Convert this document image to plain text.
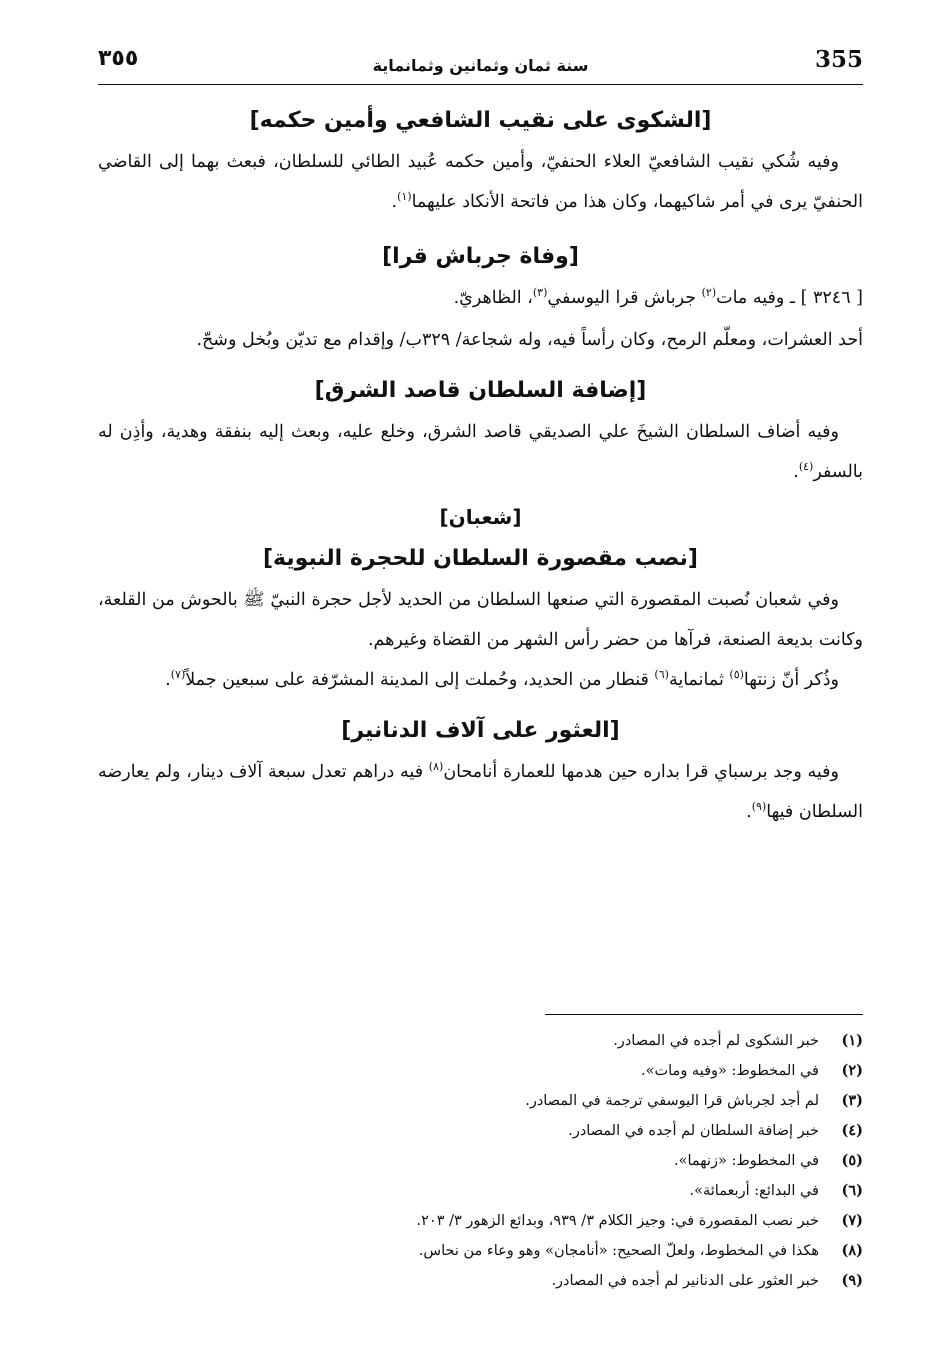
٣٥٥	سنة ثمان وثمانين وثمانماية	355
[الشكوى على نقيب الشافعي وأمين حكمه]

وفيه شُكي نقيب الشافعيّ العلاء الحنفيّ، وأمين حكمه عُبيد الطائي للسلطان، فبعث بهما إلى القاضي الحنفيّ يرى في أمر شاكيهما، وكان هذا من فاتحة الأنكاد عليهما$^{(١)}$.

[وفاة جرباش قرا]

[ ٣٢٤٦ ] ـ وفيه مات$^{(٢)}$ جرباش قرا اليوسفي$^{(٣)}$، الظاهريّ.

أحد العشرات، ومعلّم الرمح، وكان رأساً فيه، وله شجاعة/ ٣٢٩ب/ وإقدام مع تديّن وبُخل وشحّ.

[إضافة السلطان قاصد الشرق]

وفيه أضاف السلطان الشيخَ علي الصديقي قاصد الشرق، وخلع عليه، وبعث إليه بنفقة وهدية، وأذِن له بالسفر$^{(٤)}$.

[شعبان]
[نصب مقصورة السلطان للحجرة النبوية]

وفي شعبان نُصبت المقصورة التي صنعها السلطان من الحديد لأجل حجرة النبيّ ﷺ بالحوش من القلعة، وكانت بديعة الصنعة، فرآها من حضر رأس الشهر من القضاة وغيرهم.

وذُكر أنّ زنتها$^{(٥)}$ ثمانماية$^{(٦)}$ قنطار من الحديد، وحُملت إلى المدينة المشرّفة على سبعين جملاً$^{(٧)}$.

[العثور على آلاف الدنانير]

وفيه وجد برسباي قرا بداره حين هدمها للعمارة أنامحان$^{(٨)}$ فيه دراهم تعدل سبعة آلاف دينار، ولم يعارضه السلطان فيها$^{(٩)}$.

(١)
خبر الشكوى لم أجده في المصادر.
(٢)
في المخطوط: «وفيه ومات».
(٣)
لم أجد لجرباش قرا اليوسفي ترجمة في المصادر.
(٤)
خبر إضافة السلطان لم أجده في المصادر.
(٥)
في المخطوط: «زنهما».
(٦)
في البدائع: أربعمائة».
(٧)
خبر نصب المقصورة في: وجيز الكلام ٣/ ٩٣٩، وبدائع الزهور ٣/ ٢٠٣.
(٨)
هكذا في المخطوط، ولعلّ الصحيح: «أنامجان» وهو وعاء من نحاس.
(٩)
خبر العثور على الدنانير لم أجده في المصادر.
